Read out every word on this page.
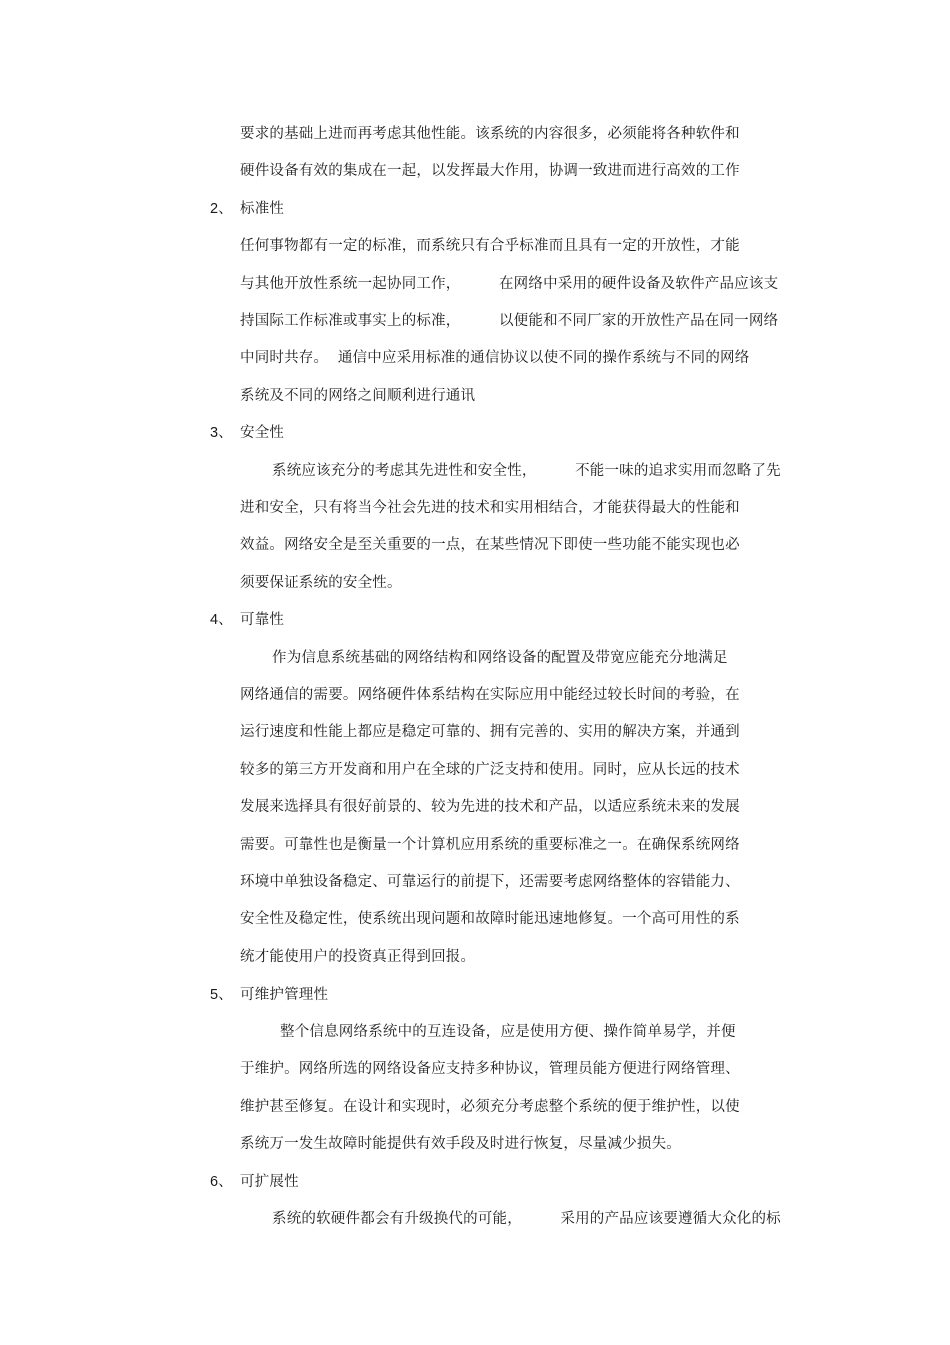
要求的基础上进而再考虑其他性能。该系统的内容很多，必须能将各种软件和
硬件设备有效的集成在一起，以发挥最大作用，协调一致进而进行高效的工作
2、 标准性
任何事物都有一定的标准，而系统只有合乎标准而且具有一定的开放性，才能
与其他开放性系统一起协同工作，        在网络中采用的硬件设备及软件产品应该支
持国际工作标准或事实上的标准，        以便能和不同厂家的开放性产品在同一网络
中同时共存。  通信中应采用标准的通信协议以使不同的操作系统与不同的网络
系统及不同的网络之间顺利进行通讯
3、 安全性
系统应该充分的考虑其先进性和安全性，        不能一味的追求实用而忽略了先
进和安全，只有将当今社会先进的技术和实用相结合，才能获得最大的性能和
效益。网络安全是至关重要的一点，在某些情况下即使一些功能不能实现也必
须要保证系统的安全性。
4、 可靠性
作为信息系统基础的网络结构和网络设备的配置及带宽应能充分地满足
网络通信的需要。网络硬件体系结构在实际应用中能经过较长时间的考验，在
运行速度和性能上都应是稳定可靠的、拥有完善的、实用的解决方案，并通到
较多的第三方开发商和用户在全球的广泛支持和使用。同时，应从长远的技术
发展来选择具有很好前景的、较为先进的技术和产品，以适应系统未来的发展
需要。可靠性也是衡量一个计算机应用系统的重要标准之一。在确保系统网络
环境中单独设备稳定、可靠运行的前提下，还需要考虑网络整体的容错能力、
安全性及稳定性，使系统出现问题和故障时能迅速地修复。一个高可用性的系
统才能使用户的投资真正得到回报。
5、 可维护管理性
整个信息网络系统中的互连设备，应是使用方便、操作简单易学，并便
于维护。网络所选的网络设备应支持多种协议，管理员能方便进行网络管理、
维护甚至修复。在设计和实现时，必须充分考虑整个系统的便于维护性，以使
系统万一发生故障时能提供有效手段及时进行恢复，尽量减少损失。
6、 可扩展性
系统的软硬件都会有升级换代的可能，        采用的产品应该要遵循大众化的标
